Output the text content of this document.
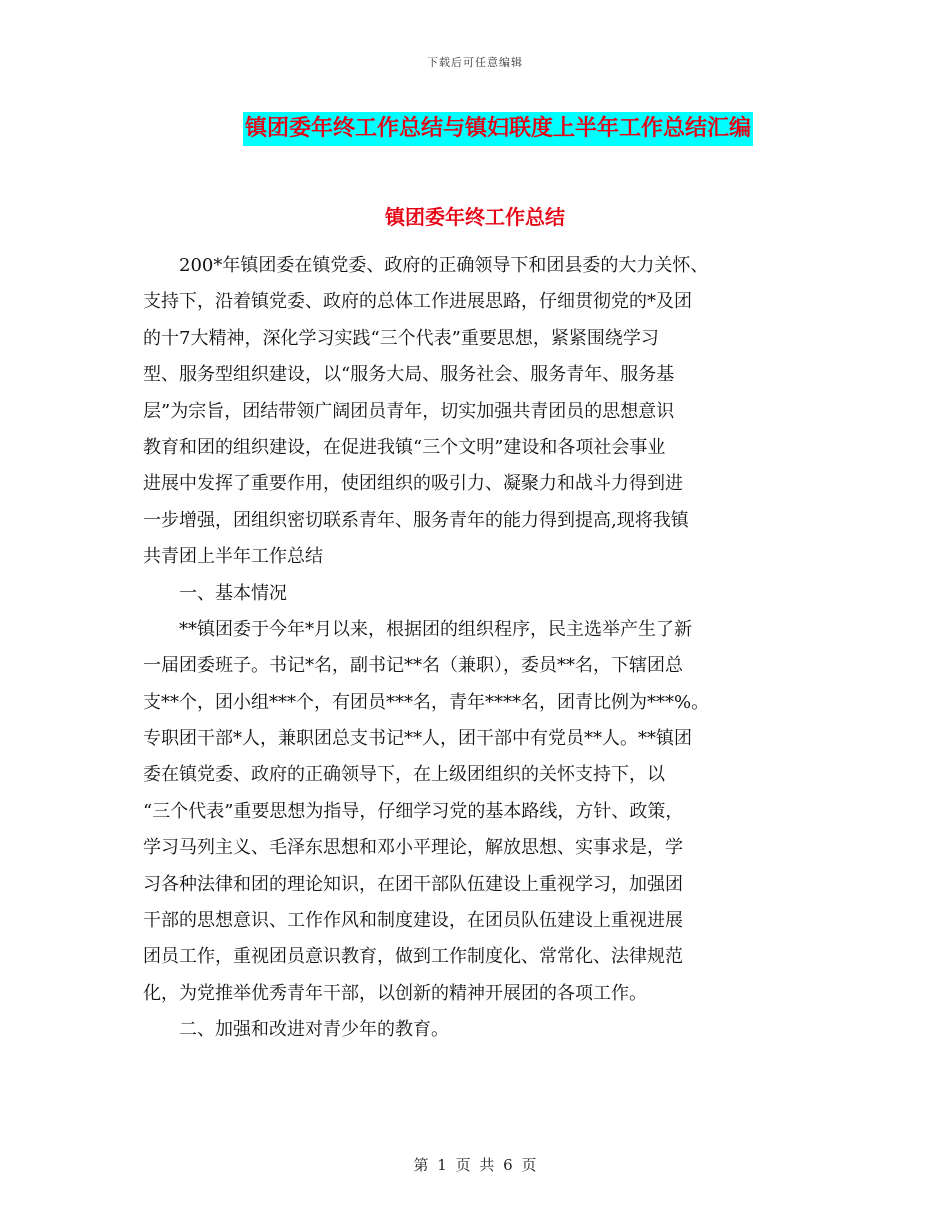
下载后可任意编辑
镇团委年终工作总结与镇妇联度上半年工作总结汇编
镇团委年终工作总结
　　200*年镇团委在镇党委、政府的正确领导下和团县委的大力关怀、
支持下，沿着镇党委、政府的总体工作进展思路，仔细贯彻党的*及团
的十7大精神，深化学习实践“三个代表”重要思想，紧紧围绕学习
型、服务型组织建设，以“服务大局、服务社会、服务青年、服务基
层”为宗旨，团结带领广阔团员青年，切实加强共青团员的思想意识
教育和团的组织建设，在促进我镇“三个文明”建设和各项社会事业
进展中发挥了重要作用，使团组织的吸引力、凝聚力和战斗力得到进
一步增强，团组织密切联系青年、服务青年的能力得到提高,现将我镇
共青团上半年工作总结
　　一、基本情况
　　**镇团委于今年*月以来，根据团的组织程序，民主选举产生了新
一届团委班子。书记*名，副书记**名（兼职），委员**名，下辖团总
支**个，团小组***个，有团员***名，青年****名，团青比例为***%。
专职团干部*人，兼职团总支书记**人，团干部中有党员**人。**镇团
委在镇党委、政府的正确领导下，在上级团组织的关怀支持下，以
“三个代表”重要思想为指导，仔细学习党的基本路线，方针、政策，
学习马列主义、毛泽东思想和邓小平理论，解放思想、实事求是，学
习各种法律和团的理论知识，在团干部队伍建设上重视学习，加强团
干部的思想意识、工作作风和制度建设，在团员队伍建设上重视进展
团员工作，重视团员意识教育，做到工作制度化、常常化、法律规范
化，为党推举优秀青年干部，以创新的精神开展团的各项工作。
　　二、加强和改进对青少年的教育。
第 1 页 共 6 页
